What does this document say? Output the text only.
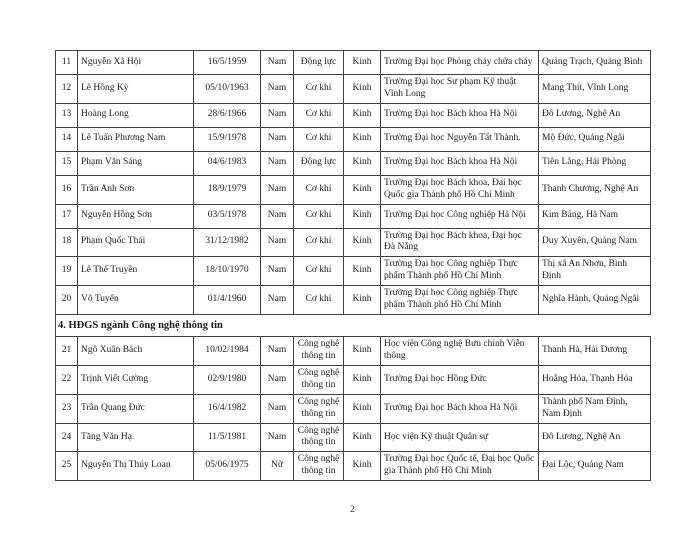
11	Nguyễn Xã Hội	16/5/1959	Nam	Động lực	Kinh	Trường Đại học Phòng cháy chữa cháy	Quảng Trạch, Quảng Bình
12	Lê Hồng Kỳ	05/10/1963	Nam	Cơ khí	Kinh	Trường Đại học Sư phạm Kỹ thuật Vĩnh Long	Mang Thít, Vĩnh Long
13	Hoàng Long	28/6/1966	Nam	Cơ khí	Kinh	Trường Đại học Bách khoa Hà Nội	Đô Lương, Nghệ An
14	Lê Tuấn Phương Nam	15/9/1978	Nam	Cơ khí	Kinh	Trường Đại học Nguyễn Tất Thành.	Mộ Đức, Quảng Ngãi
15	Phạm Văn Sáng	04/6/1983	Nam	Động lực	Kinh	Trường Đại học Bách khoa Hà Nội	Tiên Lãng, Hải Phòng
16	Trần Anh Sơn	18/9/1979	Nam	Cơ khí	Kinh	Trường Đại học Bách khoa, Đại học Quốc gia Thành phố Hồ Chí Minh	Thanh Chương, Nghệ An
17	Nguyễn Hồng Sơn	03/5/1978	Nam	Cơ khí	Kinh	Trường Đại học Công nghiệp Hà Nội	Kim Bảng, Hà Nam
18	Phạm Quốc Thái	31/12/1982	Nam	Cơ khí	Kinh	Trường Đại học Bách khoa, Đại học Đà Nẵng	Duy Xuyên, Quảng Nam
19	Lê Thế Truyền	18/10/1970	Nam	Cơ khí	Kinh	Trường Đại học Công nghiệp Thực phẩm Thành phố Hồ Chí Minh	Thị xã An Nhơn, Bình Định
20	Võ Tuyến	01/4/1960	Nam	Cơ khí	Kinh	Trường Đại học Công nghiệp Thực phẩm Thành phố Hồ Chí Minh	Nghĩa Hành, Quảng Ngãi
4. HĐGS ngành Công nghệ thông tin
21	Ngô Xuân Bách	10/02/1984	Nam	Công nghệ thông tin	Kinh	Học viện Công nghệ Bưu chính Viễn thông	Thanh Hà, Hải Dương
22	Trịnh Viết Cường	02/9/1980	Nam	Công nghệ thông tin	Kinh	Trường Đại học Hồng Đức	Hoằng Hóa, Thanh Hóa
23	Trần Quang Đức	16/4/1982	Nam	Công nghệ thông tin	Kinh	Trường Đại học Bách khoa Hà Nội	Thành phố Nam Định, Nam Định
24	Tăng Văn Hạ	11/5/1981	Nam	Công nghệ thông tin	Kinh	Học viện Kỹ thuật Quân sự	Đô Lương, Nghệ An
25	Nguyễn Thị Thúy Loan	05/06/1975	Nữ	Công nghệ thông tin	Kinh	Trường Đại học Quốc tế, Đại học Quốc gia Thành phố Hồ Chí Minh	Đại Lộc, Quảng Nam
2
